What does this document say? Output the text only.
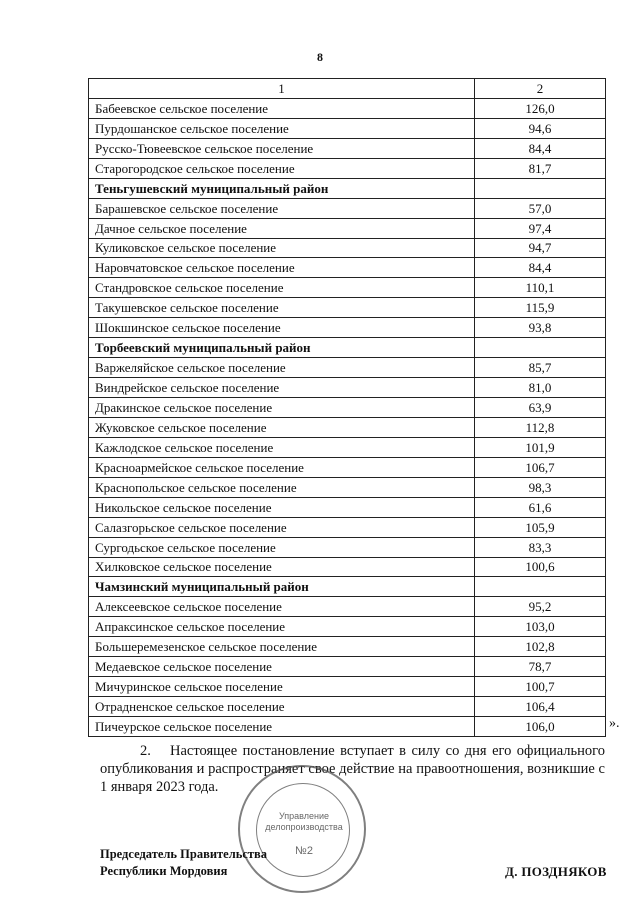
8
1	2
Бабеевское сельское поселение	126,0
Пурдошанское сельское поселение	94,6
Русско-Тювеевское сельское поселение	84,4
Старогородское сельское поселение	81,7
Теньгушевский муниципальный район	
Барашевское сельское поселение	57,0
Дачное сельское поселение	97,4
Куликовское сельское поселение	94,7
Наровчатовское сельское поселение	84,4
Стандровское сельское поселение	110,1
Такушевское сельское поселение	115,9
Шокшинское сельское поселение	93,8
Торбеевский муниципальный район	
Варжеляйское сельское поселение	85,7
Виндрейское сельское поселение	81,0
Дракинское сельское поселение	63,9
Жуковское сельское поселение	112,8
Кажлодское сельское поселение	101,9
Красноармейское сельское поселение	106,7
Краснопольское сельское поселение	98,3
Никольское сельское поселение	61,6
Салазгорьское сельское поселение	105,9
Сургодьское сельское поселение	83,3
Хилковское сельское поселение	100,6
Чамзинский муниципальный район	
Алексеевское сельское поселение	95,2
Апраксинское сельское поселение	103,0
Большеремезенское сельское поселение	102,8
Медаевское сельское поселение	78,7
Мичуринское сельское поселение	100,7
Отрадненское сельское поселение	106,4
Пичеурское сельское поселение	106,0	».
2. Настоящее постановление вступает в силу со дня его официального опубликования и распространяет свое действие на правоотношения, возникшие с 1 января 2023 года.
Управление
делопроизводства
№2
Председатель Правительства
Республики Мордовия	Д. ПОЗДНЯКОВ
